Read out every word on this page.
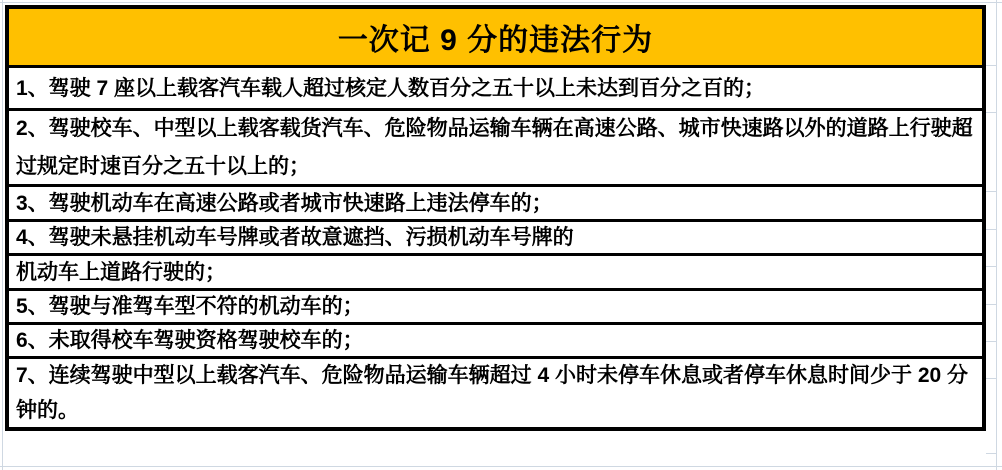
一次记 9 分的违法行为
1、驾驶 7 座以上载客汽车载人超过核定人数百分之五十以上未达到百分之百的；
2、驾驶校车、中型以上载客载货汽车、危险物品运输车辆在高速公路、城市快速路以外的道路上行驶超过规定时速百分之五十以上的；
3、驾驶机动车在高速公路或者城市快速路上违法停车的；
4、驾驶未悬挂机动车号牌或者故意遮挡、污损机动车号牌的
机动车上道路行驶的；
5、驾驶与准驾车型不符的机动车的；
6、未取得校车驾驶资格驾驶校车的；
7、连续驾驶中型以上载客汽车、危险物品运输车辆超过 4 小时未停车休息或者停车休息时间少于 20 分钟的。
